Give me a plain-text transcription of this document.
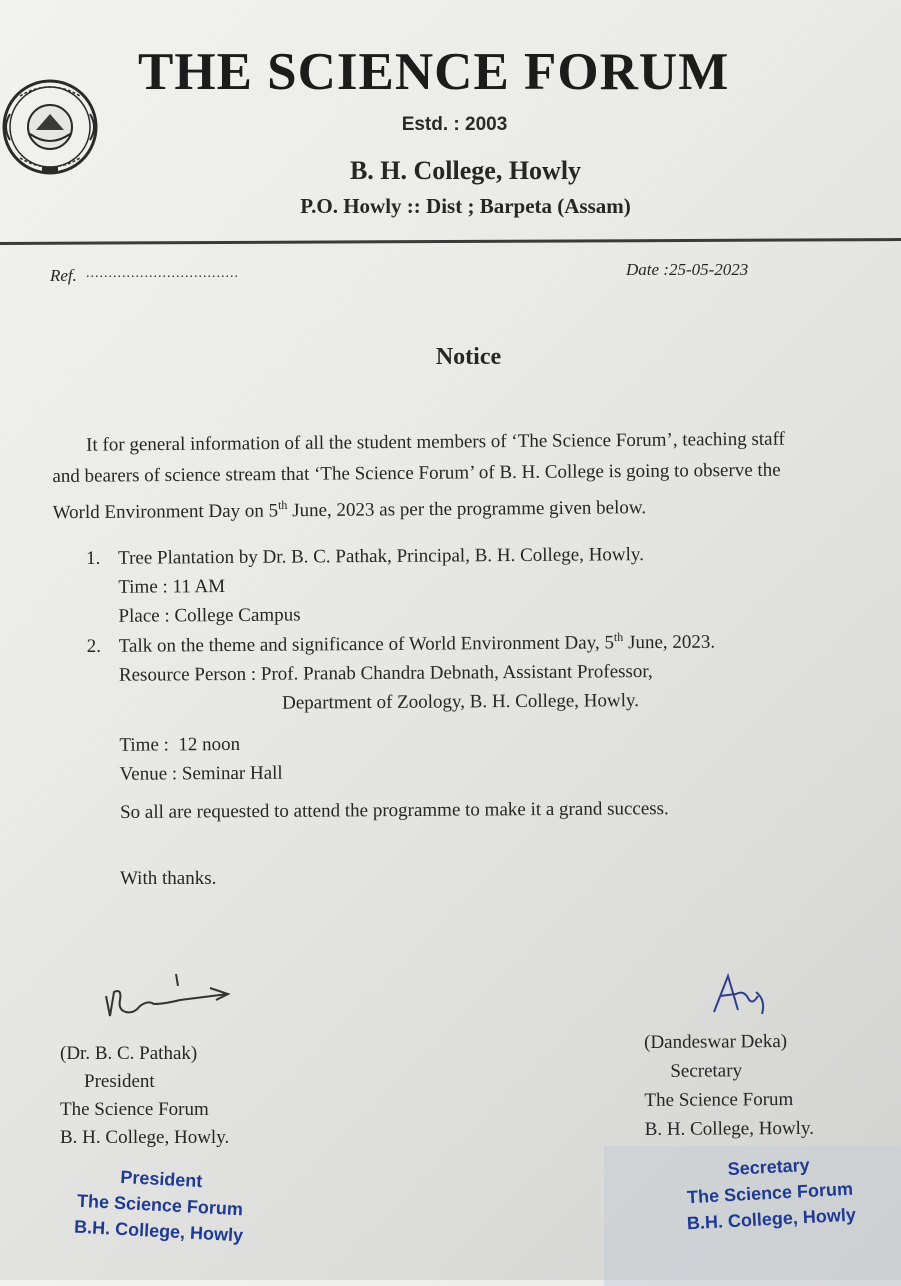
THE SCIENCE FORUM
Estd. : 2003
B. H. College, Howly
P.O. Howly :: Dist ; Barpeta (Assam)
Ref. ..................................	Date :25-05-2023
Notice
It for general information of all the student members of ‘The Science Forum’, teaching staff
and bearers of science stream that ‘The Science Forum’ of B. H. College is going to observe the
World Environment Day on 5th June, 2023 as per the programme given below.
1. Tree Plantation by Dr. B. C. Pathak, Principal, B. H. College, Howly.
Time : 11 AM
Place : College Campus
2. Talk on the theme and significance of World Environment Day, 5th June, 2023.
Resource Person : Prof. Pranab Chandra Debnath, Assistant Professor,
Department of Zoology, B. H. College, Howly.
Time :  12 noon
Venue : Seminar Hall
So all are requested to attend the programme to make it a grand success.
With thanks.
(Dr. B. C. Pathak)
President
The Science Forum
B. H. College, Howly.
(Dandeswar Deka)
Secretary
The Science Forum
B. H. College, Howly.
President
The Science Forum
B.H. College, Howly
Secretary
The Science Forum
B.H. College, Howly
